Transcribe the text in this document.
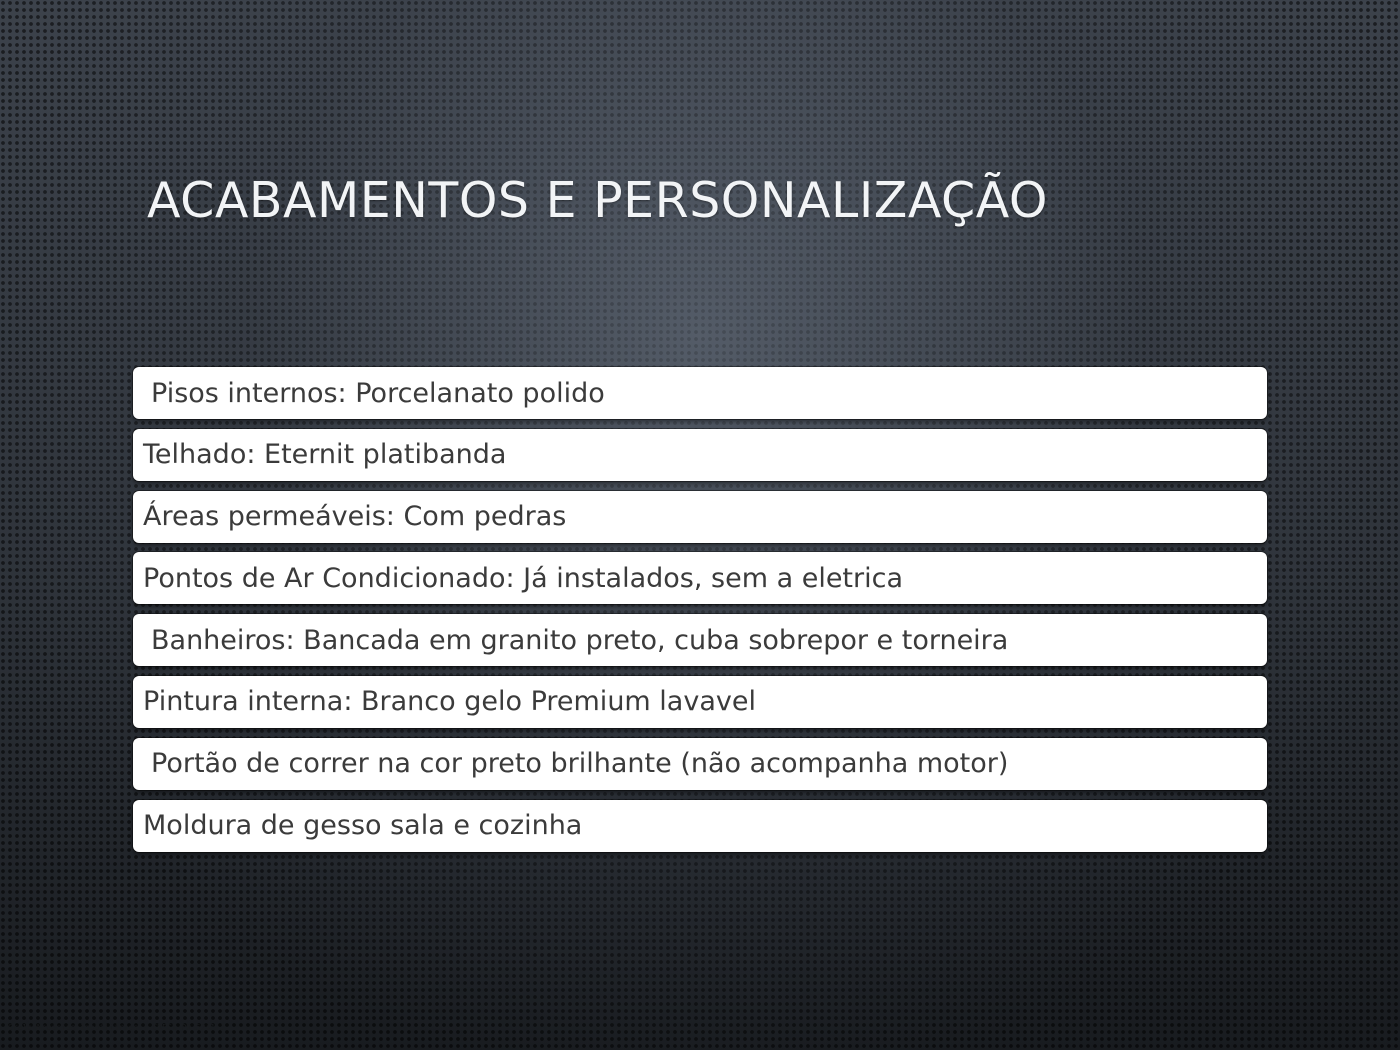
ACABAMENTOS E PERSONALIZAÇÃO
Pisos internos: Porcelanato polido
Telhado: Eternit platibanda
Áreas permeáveis: Com pedras
Pontos de Ar Condicionado: Já instalados, sem a eletrica
Banheiros: Bancada em granito preto, cuba sobrepor e torneira
Pintura interna: Branco gelo Premium lavavel
Portão de correr na cor preto brilhante (não acompanha motor)
Moldura de gesso sala e cozinha
Grale Negócios Imobiliários - CRECI-PR 5241-J
